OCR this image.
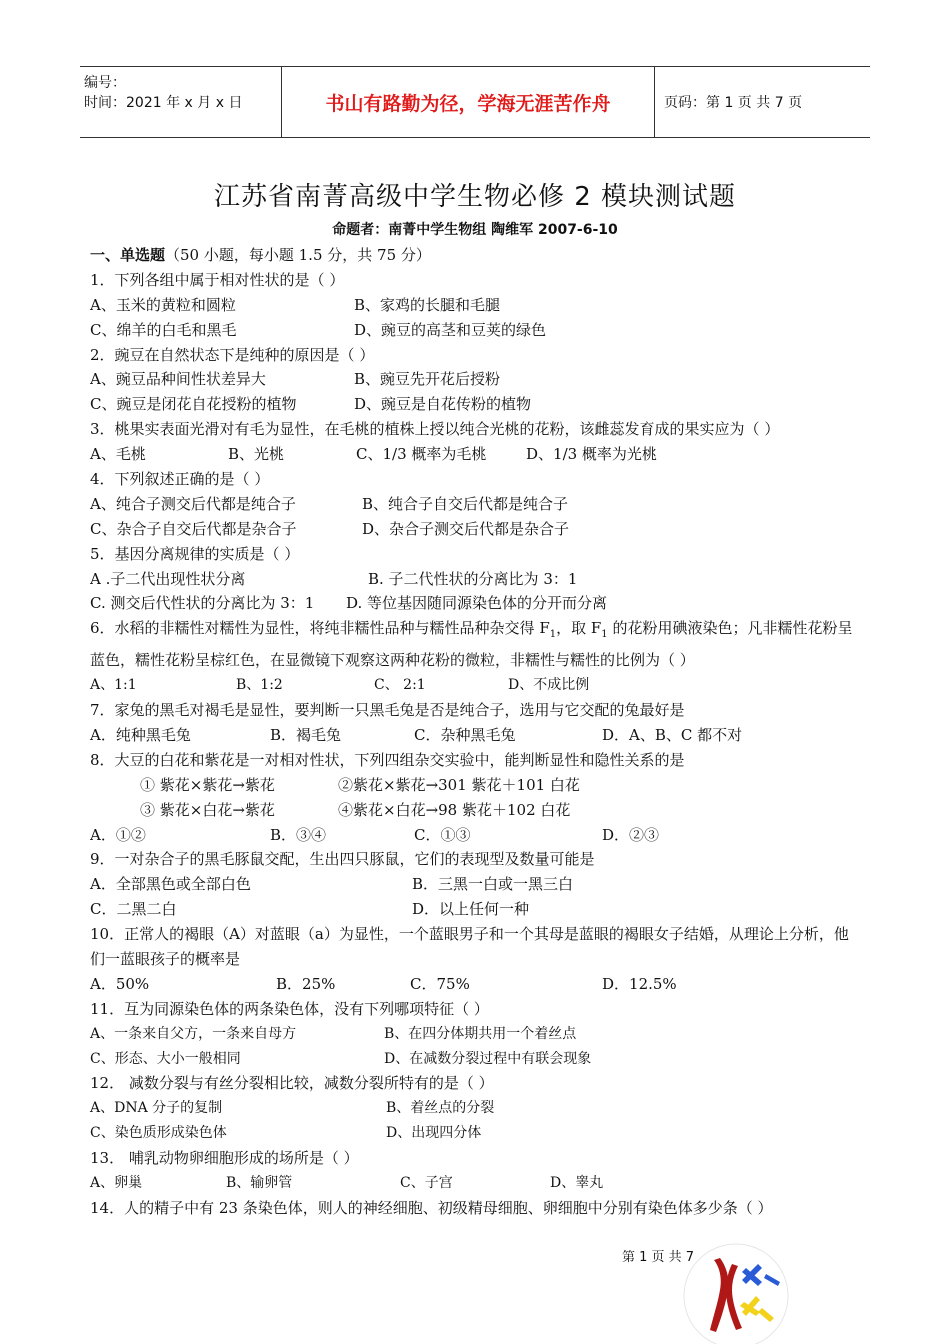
编号：
时间：2021 年 x 月 x 日	书山有路勤为径，学海无涯苦作舟	页码：第 1 页 共 7 页
江苏省南菁高级中学生物必修 2 模块测试题
命题者：南菁中学生物组 陶维军 2007-6-10
一、单选题（50 小题，每小题 1.5 分，共 75 分）
1．下列各组中属于相对性状的是（ ）
A、玉米的黄粒和圆粒	B、家鸡的长腿和毛腿
C、绵羊的白毛和黑毛	D、豌豆的高茎和豆荚的绿色
2．豌豆在自然状态下是纯种的原因是（ ）
A、豌豆品种间性状差异大	B、豌豆先开花后授粉
C、豌豆是闭花自花授粉的植物	D、豌豆是自花传粉的植物
3．桃果实表面光滑对有毛为显性，在毛桃的植株上授以纯合光桃的花粉，该雌蕊发育成的果实应为（ ）
A、毛桃	B、光桃	C、1/3 概率为毛桃	D、1/3 概率为光桃
4．下列叙述正确的是（ ）
A、纯合子测交后代都是纯合子	B、纯合子自交后代都是纯合子
C、杂合子自交后代都是杂合子	D、杂合子测交后代都是杂合子
5．基因分离规律的实质是（ ）
A .子二代出现性状分离	B. 子二代性状的分离比为 3：1
C. 测交后代性状的分离比为 3：1 D. 等位基因随同源染色体的分开而分离
6．水稻的非糯性对糯性为显性，将纯非糯性品种与糯性品种杂交得 $F_1$，取 $F_1$ 的花粉用碘液染色；凡非糯性花粉呈蓝色，糯性花粉呈棕红色，在显微镜下观察这两种花粉的微粒，非糯性与糯性的比例为（ ）
A、1:1	B、1:2	C、 2:1	D、不成比例
7．家兔的黑毛对褐毛是显性，要判断一只黑毛兔是否是纯合子，选用与它交配的兔最好是
A．纯种黑毛兔	B．褐毛兔	C．杂种黑毛兔	D．A、B、C 都不对
8．大豆的白花和紫花是一对相对性状，下列四组杂交实验中，能判断显性和隐性关系的是
① 紫花×紫花→紫花	②紫花×紫花→301 紫花＋101 白花
③ 紫花×白花→紫花	④紫花×白花→98 紫花＋102 白花
A．①②	B．③④	C．①③	D．②③
9．一对杂合子的黑毛豚鼠交配，生出四只豚鼠，它们的表现型及数量可能是
A．全部黑色或全部白色	B．三黑一白或一黑三白
C．二黑二白	D．以上任何一种
10．正常人的褐眼（A）对蓝眼（a）为显性，一个蓝眼男子和一个其母是蓝眼的褐眼女子结婚，从理论上分析，他们一蓝眼孩子的概率是
A．50%	B．25%	C．75%	D．12.5%
11．互为同源染色体的两条染色体，没有下列哪项特征（ ）
A、一条来自父方，一条来自母方	B、在四分体期共用一个着丝点
C、形态、大小一般相同	D、在减数分裂过程中有联会现象
12． 减数分裂与有丝分裂相比较，减数分裂所特有的是（ ）
A、DNA 分子的复制	B、着丝点的分裂
C、染色质形成染色体	D、出现四分体
13． 哺乳动物卵细胞形成的场所是（ ）
A、卵巢	B、输卵管	C、子宫	D、睾丸
14．人的精子中有 23 条染色体，则人的神经细胞、初级精母细胞、卵细胞中分别有染色体多少条（ ）
第 1 页 共 7
